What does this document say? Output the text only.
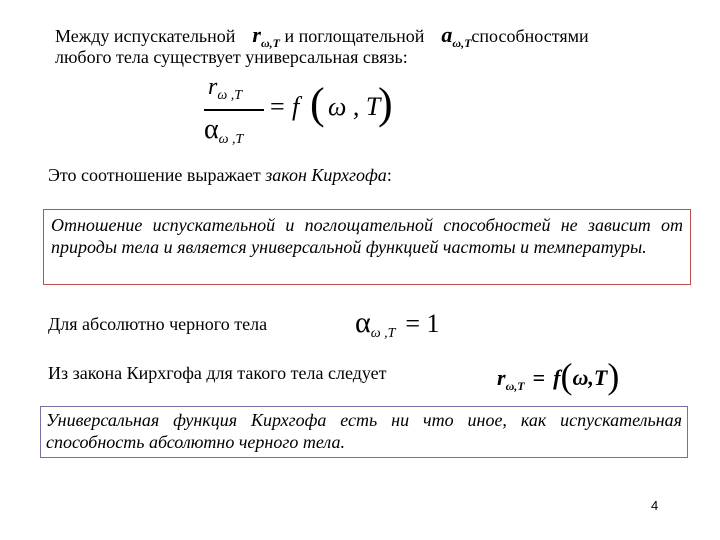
Между испускательной $r_{\omega,T}$ и поглощательной $a_{\omega,T}способностями$
любого тела существует универсальная связь:
$r_{\omega ,T}$
$\alpha_{\omega ,T}$
= f ( ω , T
)
Это соотношение выражает закон Кирхгофа:
Отношение испускательной и поглощательной способностей не зависит от природы тела и является универсальной функцией частоты и температуры.
Для абсолютно черного тела	αω ,T = 1
Из закона Кирхгофа для такого тела следует	$r_{\omega,T} = f(\omega,T)$
Универсальная функция Кирхгофа есть ни что иное, как испускательная способность абсолютно черного тела.
4
